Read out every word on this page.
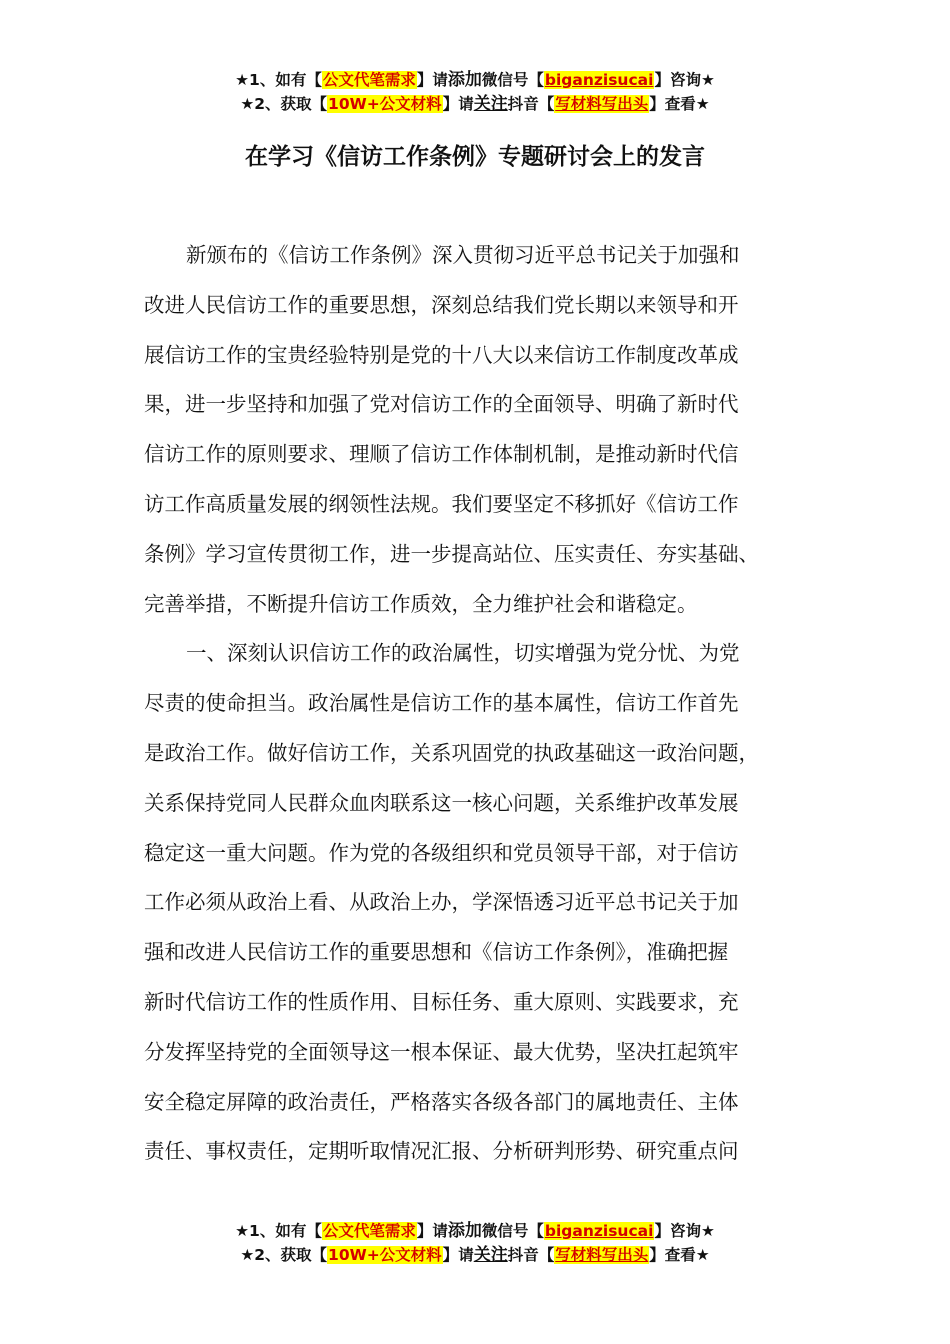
★1、如有【公文代笔需求】请添加微信号【biganzisucai】咨询★
★2、获取【10W+公文材料】请关注抖音【写材料写出头】查看★
在学习《信访工作条例》专题研讨会上的发言
新颁布的《信访工作条例》深入贯彻习近平总书记关于加强和
改进人民信访工作的重要思想，深刻总结我们党长期以来领导和开
展信访工作的宝贵经验特别是党的十八大以来信访工作制度改革成
果，进一步坚持和加强了党对信访工作的全面领导、明确了新时代
信访工作的原则要求、理顺了信访工作体制机制，是推动新时代信
访工作高质量发展的纲领性法规。我们要坚定不移抓好《信访工作
条例》学习宣传贯彻工作，进一步提高站位、压实责任、夯实基础、
完善举措，不断提升信访工作质效，全力维护社会和谐稳定。
一、深刻认识信访工作的政治属性，切实增强为党分忧、为党
尽责的使命担当。政治属性是信访工作的基本属性，信访工作首先
是政治工作。做好信访工作，关系巩固党的执政基础这一政治问题，
关系保持党同人民群众血肉联系这一核心问题，关系维护改革发展
稳定这一重大问题。作为党的各级组织和党员领导干部，对于信访
工作必须从政治上看、从政治上办，学深悟透习近平总书记关于加
强和改进人民信访工作的重要思想和《信访工作条例》，准确把握
新时代信访工作的性质作用、目标任务、重大原则、实践要求，充
分发挥坚持党的全面领导这一根本保证、最大优势，坚决扛起筑牢
安全稳定屏障的政治责任，严格落实各级各部门的属地责任、主体
责任、事权责任，定期听取情况汇报、分析研判形势、研究重点问
★1、如有【公文代笔需求】请添加微信号【biganzisucai】咨询★
★2、获取【10W+公文材料】请关注抖音【写材料写出头】查看★
